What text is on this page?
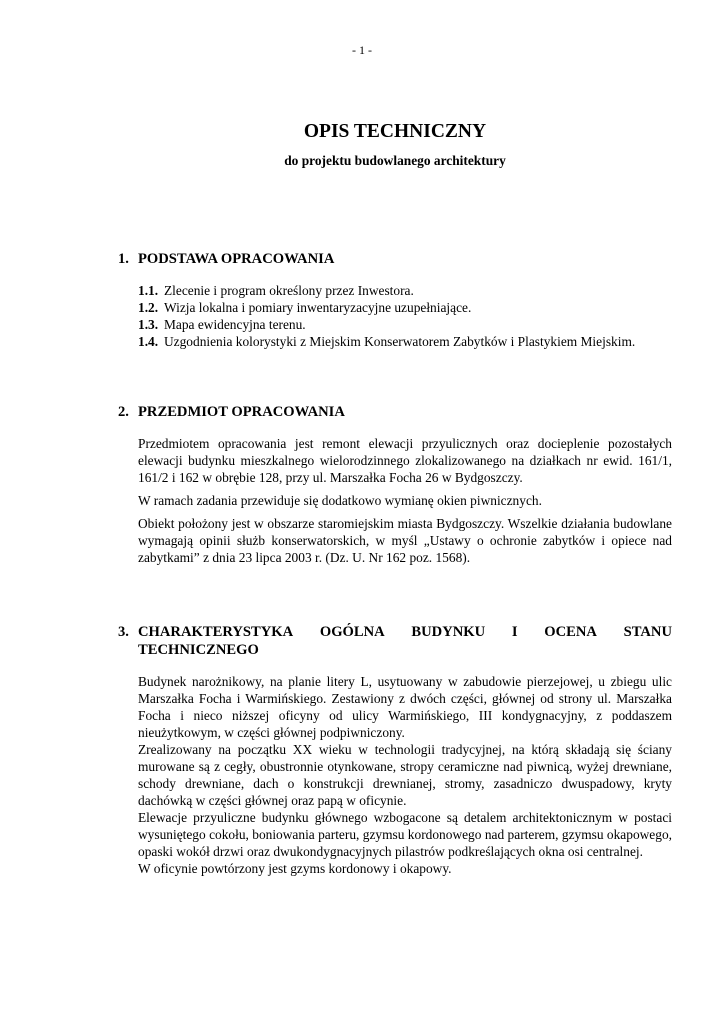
- 1 -
OPIS TECHNICZNY
do projektu budowlanego architektury
1. PODSTAWA OPRACOWANIA
1.1. Zlecenie i program określony przez Inwestora.
1.2. Wizja lokalna i pomiary inwentaryzacyjne uzupełniające.
1.3. Mapa ewidencyjna terenu.
1.4. Uzgodnienia kolorystyki z Miejskim Konserwatorem Zabytków i Plastykiem Miejskim.
2. PRZEDMIOT OPRACOWANIA

Przedmiotem opracowania jest remont elewacji przyulicznych oraz docieplenie pozostałych elewacji budynku mieszkalnego wielorodzinnego zlokalizowanego na działkach nr ewid. 161/1, 161/2 i 162 w obrębie 128, przy ul. Marszałka Focha 26 w Bydgoszczy.

W ramach zadania przewiduje się dodatkowo wymianę okien piwnicznych.

Obiekt położony jest w obszarze staromiejskim miasta Bydgoszczy. Wszelkie działania budowlane wymagają opinii służb konserwatorskich, w myśl „Ustawy o ochronie zabytków i opiece nad zabytkami” z dnia 23 lipca 2003 r. (Dz. U. Nr 162 poz. 1568).

3. CHARAKTERYSTYKA OGÓLNA BUDYNKU I OCENA STANU
TECHNICZNEGO

Budynek narożnikowy, na planie litery L, usytuowany w zabudowie pierzejowej, u zbiegu ulic Marszałka Focha i Warmińskiego. Zestawiony z dwóch części, głównej od strony ul. Marszałka Focha i nieco niższej oficyny od ulicy Warmińskiego, III kondygnacyjny, z poddaszem nieużytkowym, w części głównej podpiwniczony.

Zrealizowany na początku XX wieku w technologii tradycyjnej, na którą składają się ściany murowane są z cegły, obustronnie otynkowane, stropy ceramiczne nad piwnicą, wyżej drewniane, schody drewniane, dach o konstrukcji drewnianej, stromy, zasadniczo dwuspadowy, kryty dachówką w części głównej oraz papą w oficynie.

Elewacje przyuliczne budynku głównego wzbogacone są detalem architektonicznym w postaci wysuniętego cokołu, boniowania parteru, gzymsu kordonowego nad parterem, gzymsu okapowego, opaski wokół drzwi oraz dwukondygnacyjnych pilastrów podkreślających okna osi centralnej.

W oficynie powtórzony jest gzyms kordonowy i okapowy.
